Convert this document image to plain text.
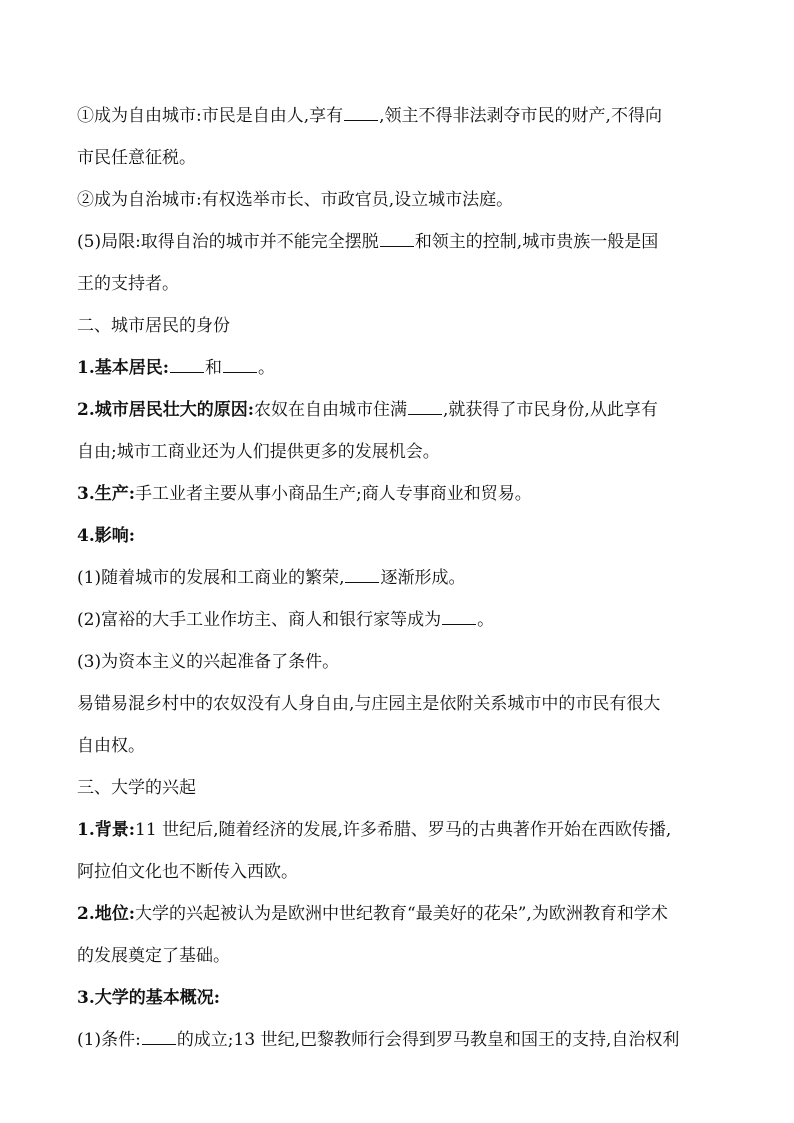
①成为自由城市:市民是自由人,享有 ,领主不得非法剥夺市民的财产,不得向
市民任意征税。
②成为自治城市:有权选举市长、市政官员,设立城市法庭。
(5)局限:取得自治的城市并不能完全摆脱 和领主的控制,城市贵族一般是国
王的支持者。
二、城市居民的身份
1.基本居民: 和 。
2.城市居民壮大的原因:农奴在自由城市住满 ,就获得了市民身份,从此享有
自由;城市工商业还为人们提供更多的发展机会。
3.生产:手工业者主要从事小商品生产;商人专事商业和贸易。
4.影响:
(1)随着城市的发展和工商业的繁荣, 逐渐形成。
(2)富裕的大手工业作坊主、商人和银行家等成为 。
(3)为资本主义的兴起准备了条件。
易错易混乡村中的农奴没有人身自由,与庄园主是依附关系城市中的市民有很大
自由权。
三、大学的兴起
1.背景:11 世纪后,随着经济的发展,许多希腊、罗马的古典著作开始在西欧传播,
阿拉伯文化也不断传入西欧。
2.地位:大学的兴起被认为是欧洲中世纪教育“最美好的花朵”,为欧洲教育和学术
的发展奠定了基础。
3.大学的基本概况:
(1)条件: 的成立;13 世纪,巴黎教师行会得到罗马教皇和国王的支持,自治权利
